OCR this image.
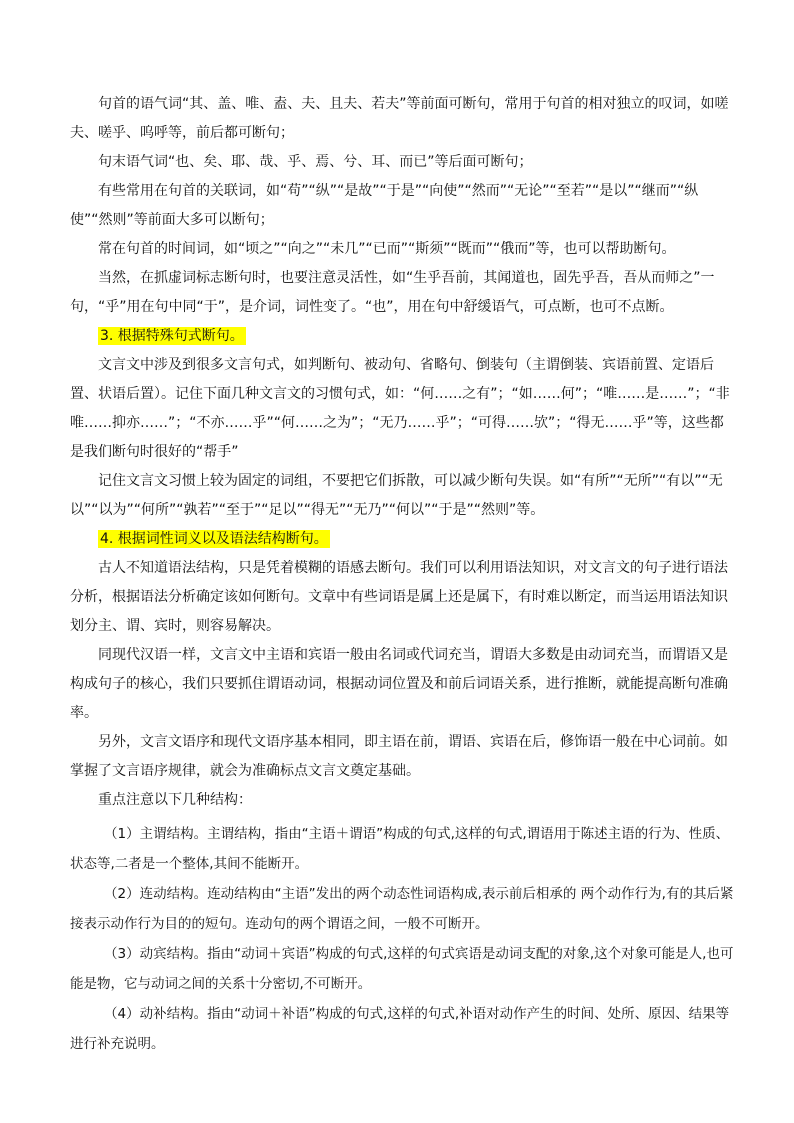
句首的语气词“其、盖、唯、盍、夫、且夫、若夫”等前面可断句，常用于句首的相对独立的叹词，如嗟夫、嗟乎、呜呼等，前后都可断句；

句末语气词“也、矣、耶、哉、乎、焉、兮、耳、而已”等后面可断句；

有些常用在句首的关联词，如“苟”“纵”“是故”“于是”“向使”“然而”“无论”“至若”“是以”“继而”“纵使”“然则”等前面大多可以断句；

常在句首的时间词，如“顷之”“向之”“未几”“已而”“斯须”“既而”“俄而”等，也可以帮助断句。

当然，在抓虚词标志断句时，也要注意灵活性，如“生乎吾前，其闻道也，固先乎吾，吾从而师之”一句，“乎”用在句中同“于”，是介词，词性变了。“也”，用在句中舒缓语气，可点断，也可不点断。

3. 根据特殊句式断句。

文言文中涉及到很多文言句式，如判断句、被动句、省略句、倒装句（主谓倒装、宾语前置、定语后置、状语后置）。记住下面几种文言文的习惯句式，如：“何……之有”；“如……何”；“唯……是……”；“非唯……抑亦……”；“不亦……乎”“何……之为”；“无乃……乎”；“可得……欤”；“得无……乎”等，这些都是我们断句时很好的“帮手”

记住文言文习惯上较为固定的词组，不要把它们拆散，可以减少断句失误。如“有所”“无所”“有以”“无以”“以为”“何所”“孰若”“至于”“足以”“得无”“无乃”“何以”“于是”“然则”等。

4. 根据词性词义以及语法结构断句。

古人不知道语法结构，只是凭着模糊的语感去断句。我们可以利用语法知识，对文言文的句子进行语法分析，根据语法分析确定该如何断句。文章中有些词语是属上还是属下，有时难以断定，而当运用语法知识划分主、谓、宾时，则容易解决。

同现代汉语一样，文言文中主语和宾语一般由名词或代词充当，谓语大多数是由动词充当，而谓语又是构成句子的核心，我们只要抓住谓语动词，根据动词位置及和前后词语关系，进行推断，就能提高断句准确率。

另外，文言文语序和现代文语序基本相同，即主语在前，谓语、宾语在后，修饰语一般在中心词前。如掌握了文言语序规律，就会为准确标点文言文奠定基础。

重点注意以下几种结构：

（1）主谓结构。主谓结构，指由“主语＋谓语”构成的句式,这样的句式,谓语用于陈述主语的行为、性质、状态等,二者是一个整体,其间不能断开。

（2）连动结构。连动结构由“主语”发出的两个动态性词语构成,表示前后相承的 两个动作行为,有的其后紧接表示动作行为目的的短句。连动句的两个谓语之间，一般不可断开。

（3）动宾结构。指由“动词＋宾语”构成的句式,这样的句式宾语是动词支配的对象,这个对象可能是人,也可能是物，它与动词之间的关系十分密切,不可断开。

（4）动补结构。指由“动词＋补语”构成的句式,这样的句式,补语对动作产生的时间、处所、原因、结果等进行补充说明。
